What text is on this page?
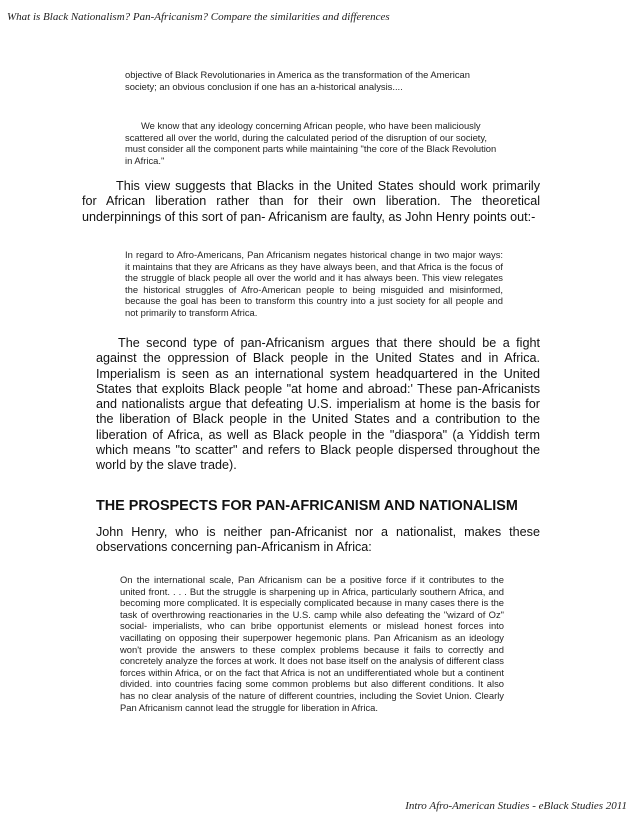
What is Black Nationalism? Pan-Africanism? Compare the similarities and differences

objective of Black Revolutionaries in America as the transformation of the American society; an obvious conclusion if one has an a-historical analysis....

We know that any ideology concerning African people, who have been maliciously scattered all over the world, during the calculated period of the disruption of our society, must consider all the component parts while maintaining "the core of the Black Revolution in Africa."

This view suggests that Blacks in the United States should work primarily for African liberation rather than for their own liberation. The theoretical underpinnings of this sort of pan- Africanism are faulty, as John Henry points out:-

In regard to Afro-Americans, Pan Africanism negates historical change in two major ways: it maintains that they are Africans as they have always been, and that Africa is the focus of the struggle of black people all over the world and it has always been. This view relegates the historical struggles of Afro-American people to being misguided and misinformed, because the goal has been to transform this country into a just society for all people and not primarily to transform Africa.

The second type of pan-Africanism argues that there should be a fight against the oppression of Black people in the United States and in Africa. Imperialism is seen as an international system headquartered in the United States that exploits Black people "at home and abroad:' These pan-Africanists and nationalists argue that defeating U.S. imperialism at home is the basis for the liberation of Black people in the United States and a contribution to the liberation of Africa, as well as Black people in the "diaspora" (a Yiddish term which means "to scatter" and refers to Black people dispersed throughout the world by the slave trade).

THE PROSPECTS FOR PAN-AFRICANISM AND NATIONALISM

John Henry, who is neither pan-Africanist nor a nationalist, makes these observations concerning pan-Africanism in Africa:

On the international scale, Pan Africanism can be a positive force if it contributes to the united front. . . . But the struggle is sharpening up in Africa, particularly southern Africa, and becoming more complicated. It is especially complicated because in many cases there is the task of overthrowing reactionaries in the U.S. camp while also defeating the "wizard of Oz" social- imperialists, who can bribe opportunist elements or mislead honest forces into vacillating on opposing their superpower hegemonic plans. Pan Africanism as an ideology won't provide the answers to these complex problems because it fails to correctly and concretely analyze the forces at work. It does not base itself on the analysis of different class forces within Africa, or on the fact that Africa is not an undifferentiated whole but a continent divided. into countries facing some common problems but also different conditions. It also has no clear analysis of the nature of different countries, including the Soviet Union. Clearly Pan Africanism cannot lead the struggle for liberation in Africa.

Intro Afro-American Studies - eBlack Studies 2011
